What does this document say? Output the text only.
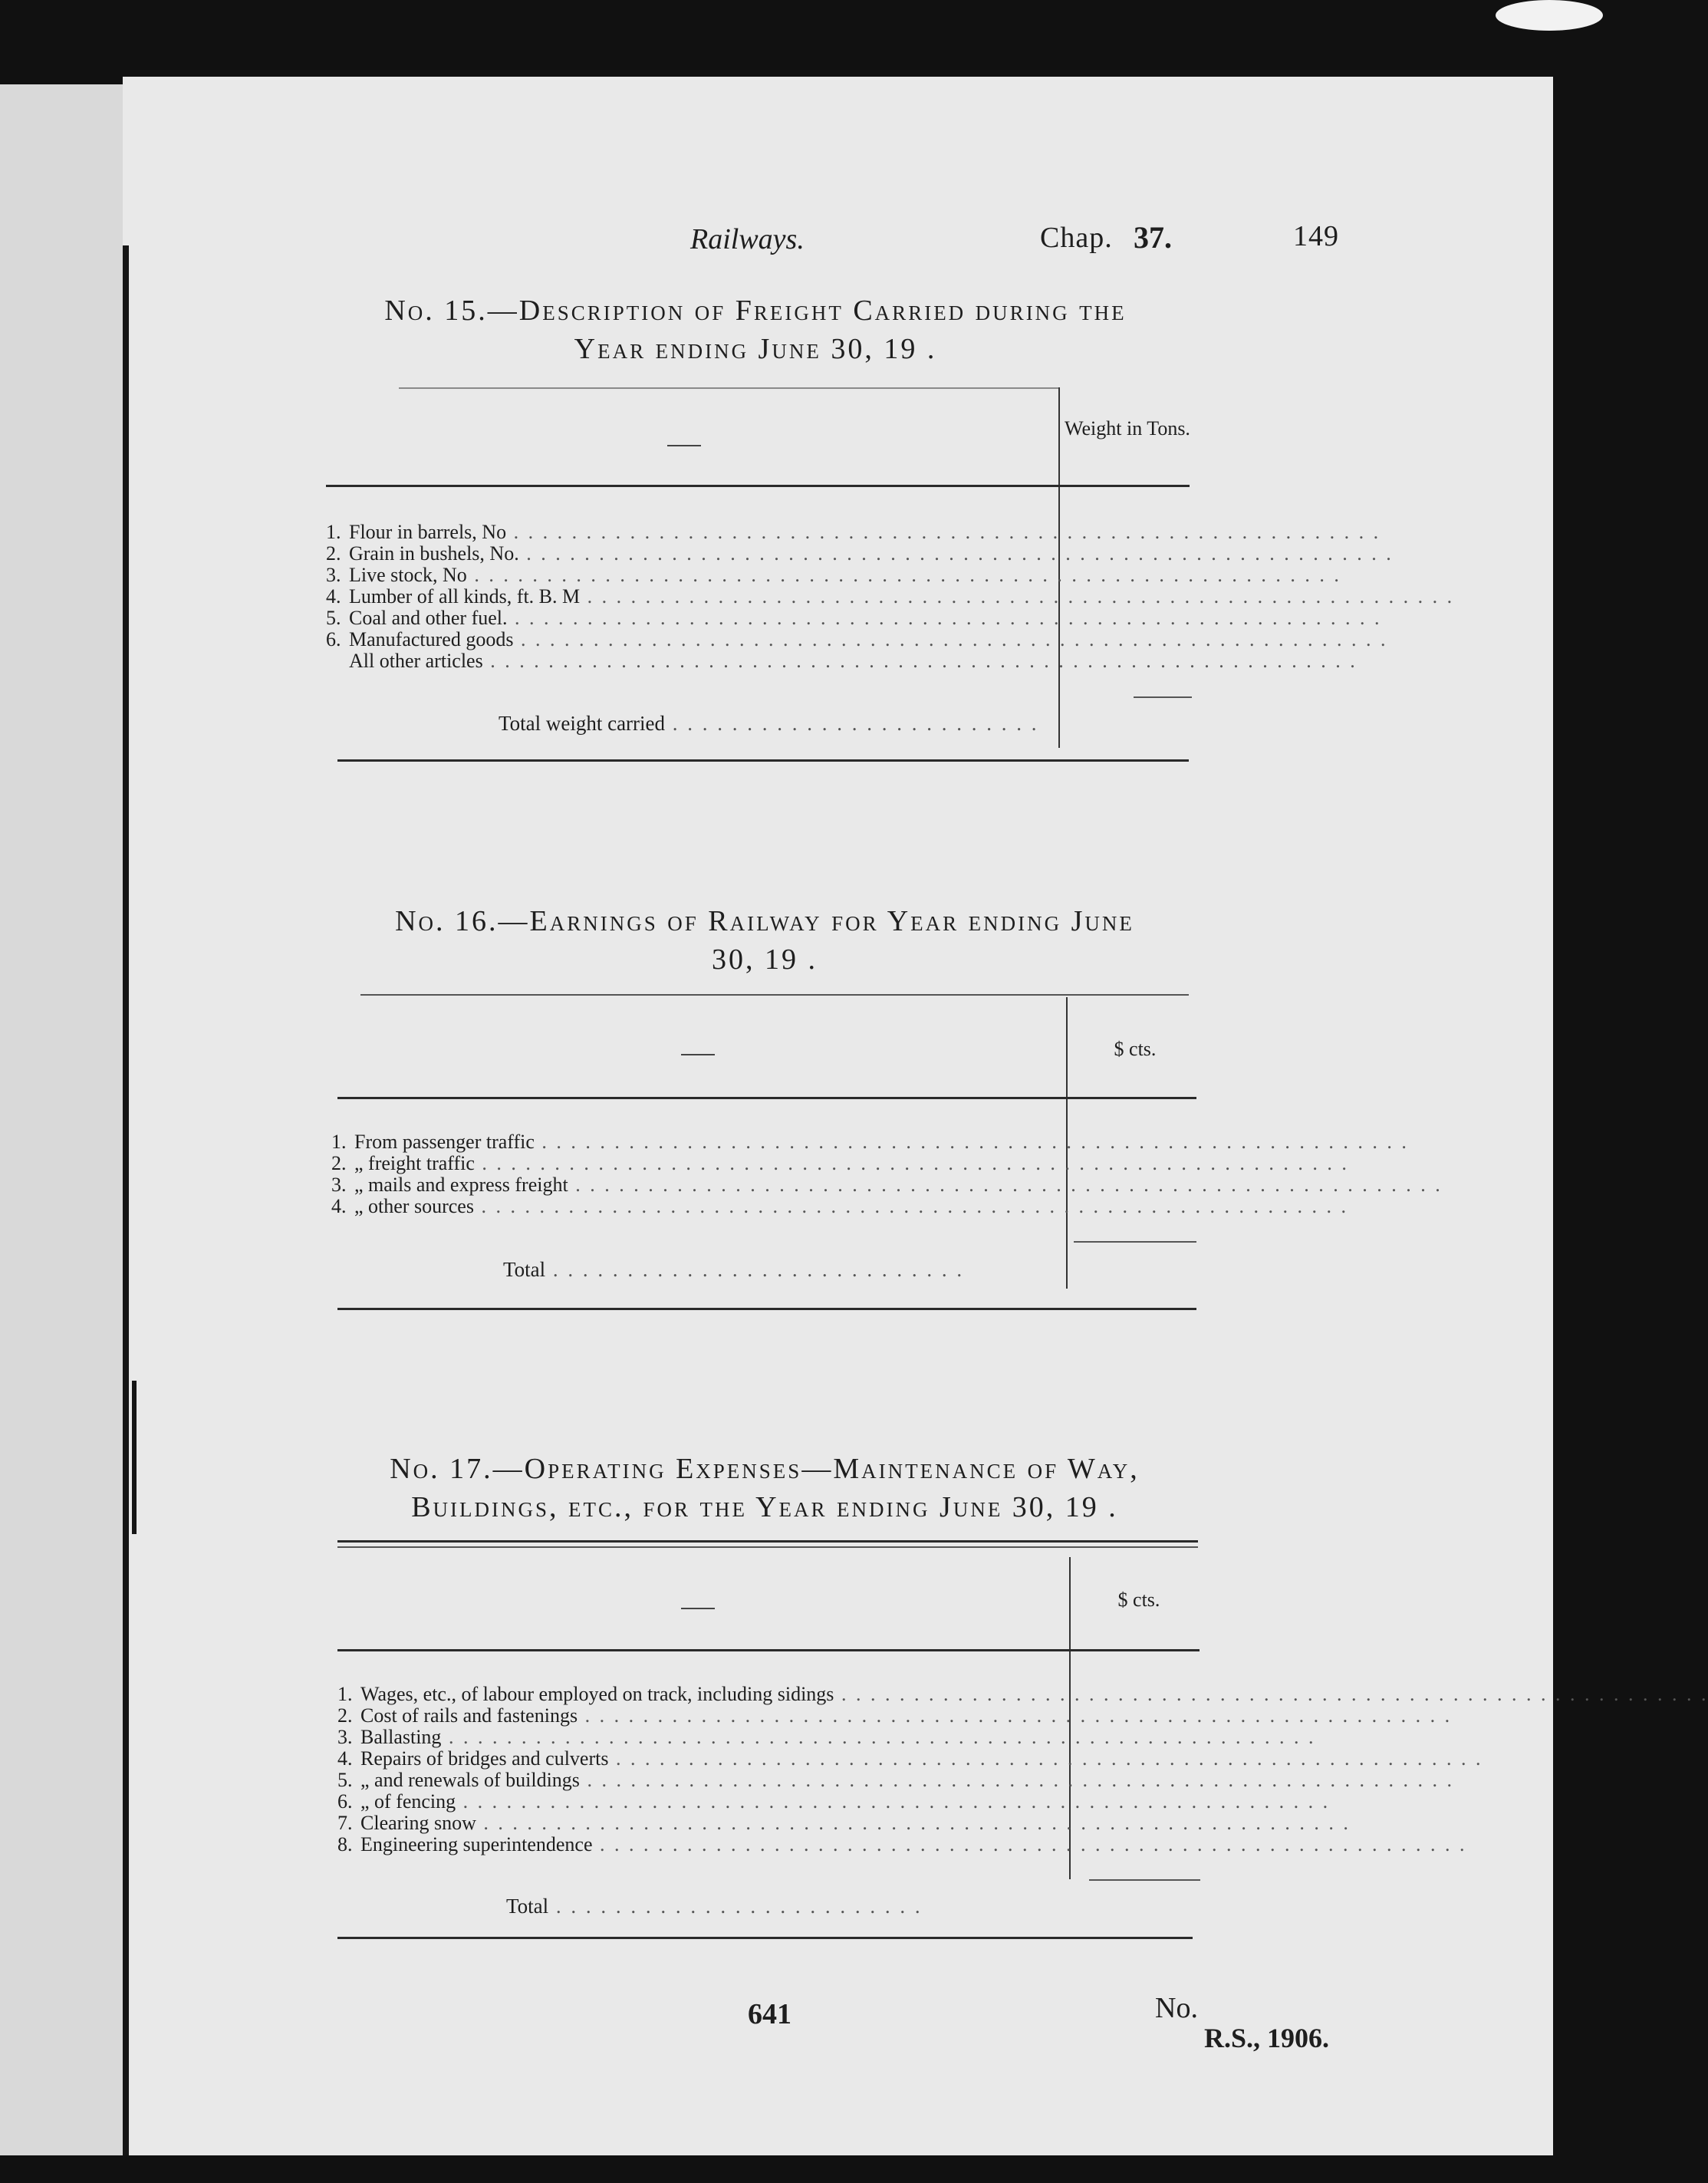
Railways.	Chap. 37.	149
No. 15.—Description of Freight Carried during the
Year ending June 30, 19 .
Weight in Tons.
1. Flour in barrels, No . . . . . . . . . . . . . . . . . . . . . . . . . . . . . . . . . . . . . . . . . . . . . . . . . . . . . . . . . . . .
2. Grain in bushels, No. . . . . . . . . . . . . . . . . . . . . . . . . . . . . . . . . . . . . . . . . . . . . . . . . . . . . . . . . . . . .
3. Live stock, No . . . . . . . . . . . . . . . . . . . . . . . . . . . . . . . . . . . . . . . . . . . . . . . . . . . . . . . . . . . .
4. Lumber of all kinds, ft. B. M . . . . . . . . . . . . . . . . . . . . . . . . . . . . . . . . . . . . . . . . . . . . . . . . . . . . . . . . . . . .
5. Coal and other fuel. . . . . . . . . . . . . . . . . . . . . . . . . . . . . . . . . . . . . . . . . . . . . . . . . . . . . . . . . . . . .
6. Manufactured goods . . . . . . . . . . . . . . . . . . . . . . . . . . . . . . . . . . . . . . . . . . . . . . . . . . . . . . . . . . . .
All other articles . . . . . . . . . . . . . . . . . . . . . . . . . . . . . . . . . . . . . . . . . . . . . . . . . . . . . . . . . . . .
Total weight carried . . . . . . . . . . . . . . . . . . . . . . . . .
No. 16.—Earnings of Railway for Year ending June
30, 19 .
$ cts.
1. From passenger traffic . . . . . . . . . . . . . . . . . . . . . . . . . . . . . . . . . . . . . . . . . . . . . . . . . . . . . . . . . . . .
2. „ freight traffic . . . . . . . . . . . . . . . . . . . . . . . . . . . . . . . . . . . . . . . . . . . . . . . . . . . . . . . . . . . .
3. „ mails and express freight . . . . . . . . . . . . . . . . . . . . . . . . . . . . . . . . . . . . . . . . . . . . . . . . . . . . . . . . . . . .
4. „ other sources . . . . . . . . . . . . . . . . . . . . . . . . . . . . . . . . . . . . . . . . . . . . . . . . . . . . . . . . . . . .
Total . . . . . . . . . . . . . . . . . . . . . . . . . . . .
No. 17.—Operating Expenses—Maintenance of Way,
Buildings, etc., for the Year ending June 30, 19 .
$ cts.
1. Wages, etc., of labour employed on track, including sidings . . . . . . . . . . . . . . . . . . . . . . . . . . . . . . . . . . . . . . . . . . . . . . . . . . . . . . . . . . . .
2. Cost of rails and fastenings . . . . . . . . . . . . . . . . . . . . . . . . . . . . . . . . . . . . . . . . . . . . . . . . . . . . . . . . . . . .
3. Ballasting . . . . . . . . . . . . . . . . . . . . . . . . . . . . . . . . . . . . . . . . . . . . . . . . . . . . . . . . . . . .
4. Repairs of bridges and culverts . . . . . . . . . . . . . . . . . . . . . . . . . . . . . . . . . . . . . . . . . . . . . . . . . . . . . . . . . . . .
5. „ and renewals of buildings . . . . . . . . . . . . . . . . . . . . . . . . . . . . . . . . . . . . . . . . . . . . . . . . . . . . . . . . . . . .
6. „ of fencing . . . . . . . . . . . . . . . . . . . . . . . . . . . . . . . . . . . . . . . . . . . . . . . . . . . . . . . . . . . .
7. Clearing snow . . . . . . . . . . . . . . . . . . . . . . . . . . . . . . . . . . . . . . . . . . . . . . . . . . . . . . . . . . . .
8. Engineering superintendence . . . . . . . . . . . . . . . . . . . . . . . . . . . . . . . . . . . . . . . . . . . . . . . . . . . . . . . . . . . .
Total . . . . . . . . . . . . . . . . . . . . . . . . .
641	No.
R.S., 1906.
